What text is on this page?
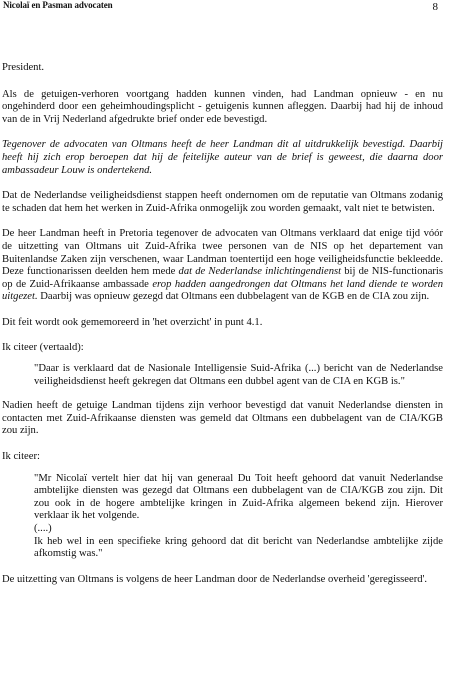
Nicolaï en Pasman advocaten	8

President.

Als de getuigen-verhoren voortgang hadden kunnen vinden, had Landman opnieuw - en nu ongehinderd door een geheimhoudingsplicht - getuigenis kunnen afleggen. Daarbij had hij de inhoud van de in Vrij Nederland afgedrukte brief onder ede bevestigd.

Tegenover de advocaten van Oltmans heeft de heer Landman dit al uitdrukkelijk bevestigd. Daarbij heeft hij zich erop beroepen dat hij de feitelijke auteur van de brief is geweest, die daarna door ambassadeur Louw is ondertekend.

Dat de Nederlandse veiligheidsdienst stappen heeft ondernomen om de reputatie van Oltmans zodanig te schaden dat hem het werken in Zuid-Afrika onmogelijk zou worden gemaakt, valt niet te betwisten.

De heer Landman heeft in Pretoria tegenover de advocaten van Oltmans verklaard dat enige tijd vóór de uitzetting van Oltmans uit Zuid-Afrika twee personen van de NIS op het departement van Buitenlandse Zaken zijn verschenen, waar Landman toentertijd een hoge veiligheidsfunctie bekleedde. Deze functionarissen deelden hem mede dat de Nederlandse inlichtingendienst bij de NIS-functionaris op de Zuid-Afrikaanse ambassade erop hadden aangedrongen dat Oltmans het land diende te worden uitgezet. Daarbij was opnieuw gezegd dat Oltmans een dubbelagent van de KGB en de CIA zou zijn.

Dit feit wordt ook gememoreerd in 'het overzicht' in punt 4.1.

Ik citeer (vertaald):

"Daar is verklaard dat de Nasionale Intelligensie Suid-Afrika (...) bericht van de Nederlandse veiligheidsdienst heeft gekregen dat Oltmans een dubbel agent van de CIA en KGB is."

Nadien heeft de getuige Landman tijdens zijn verhoor bevestigd dat vanuit Nederlandse diensten in contacten met Zuid-Afrikaanse diensten was gemeld dat Oltmans een dubbelagent van de CIA/KGB zou zijn.

Ik citeer:

"Mr Nicolaï vertelt hier dat hij van generaal Du Toit heeft gehoord dat vanuit Nederlandse ambtelijke diensten was gezegd dat Oltmans een dubbelagent van de CIA/KGB zou zijn. Dit zou ook in de hogere ambtelijke kringen in Zuid-Afrika algemeen bekend zijn. Hierover verklaar ik het volgende.
(....)
Ik heb wel in een specifieke kring gehoord dat dit bericht van Nederlandse ambtelijke zijde afkomstig was."

De uitzetting van Oltmans is volgens de heer Landman door de Nederlandse overheid 'geregisseerd'.
